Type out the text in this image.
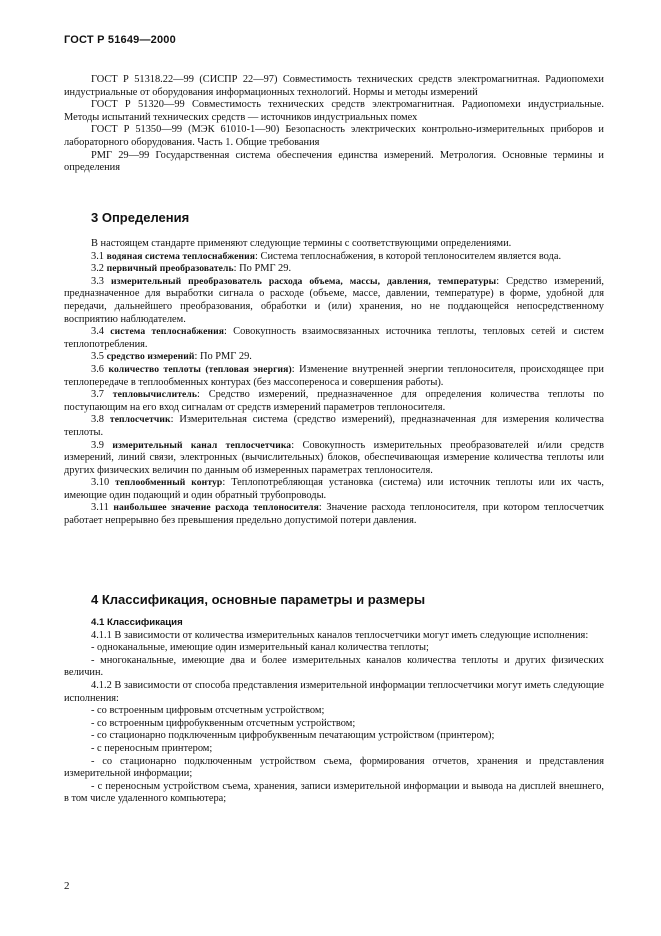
ГОСТ Р 51649—2000

ГОСТ Р 51318.22—99 (СИСПР 22—97) Совместимость технических средств электромагнитная. Радиопомехи индустриальные от оборудования информационных технологий. Нормы и методы измерений

ГОСТ Р 51320—99 Совместимость технических средств электромагнитная. Радиопомехи индустриальные. Методы испытаний технических средств — источников индустриальных помех

ГОСТ Р 51350—99 (МЭК 61010-1—90) Безопасность электрических контрольно-измерительных приборов и лабораторного оборудования. Часть 1. Общие требования

РМГ 29—99 Государственная система обеспечения единства измерений. Метрология. Основные термины и определения

3 Определения

В настоящем стандарте применяют следующие термины с соответствующими определениями.

3.1 водяная система теплоснабжения: Система теплоснабжения, в которой теплоносителем является вода.

3.2 первичный преобразователь: По РМГ 29.

3.3 измерительный преобразователь расхода объема, массы, давления, температуры: Средство измерений, предназначенное для выработки сигнала о расходе (объеме, массе, давлении, температуре) в форме, удобной для передачи, дальнейшего преобразования, обработки и (или) хранения, но не поддающейся непосредственному восприятию наблюдателем.

3.4 система теплоснабжения: Совокупность взаимосвязанных источника теплоты, тепловых сетей и систем теплопотребления.

3.5 средство измерений: По РМГ 29.

3.6 количество теплоты (тепловая энергия): Изменение внутренней энергии теплоносителя, происходящее при теплопередаче в теплообменных контурах (без массопереноса и совершения работы).

3.7 тепловычислитель: Средство измерений, предназначенное для определения количества теплоты по поступающим на его вход сигналам от средств измерений параметров теплоносителя.

3.8 теплосчетчик: Измерительная система (средство измерений), предназначенная для измерения количества теплоты.

3.9 измерительный канал теплосчетчика: Совокупность измерительных преобразователей и/или средств измерений, линий связи, электронных (вычислительных) блоков, обеспечивающая измерение количества теплоты или других физических величин по данным об измеренных параметрах теплоносителя.

3.10 теплообменный контур: Теплопотребляющая установка (система) или источник теплоты или их часть, имеющие один подающий и один обратный трубопроводы.

3.11 наибольшее значение расхода теплоносителя: Значение расхода теплоносителя, при котором теплосчетчик работает непрерывно без превышения предельно допустимой потери давления.

4 Классификация, основные параметры и размеры
4.1 Классификация

4.1.1 В зависимости от количества измерительных каналов теплосчетчики могут иметь следующие исполнения:

- одноканальные, имеющие один измерительный канал количества теплоты;

- многоканальные, имеющие два и более измерительных каналов количества теплоты и других физических величин.

4.1.2 В зависимости от способа представления измерительной информации теплосчетчики могут иметь следующие исполнения:

- со встроенным цифровым отсчетным устройством;

- со встроенным цифробуквенным отсчетным устройством;

- со стационарно подключенным цифробуквенным печатающим устройством (принтером);

- с переносным принтером;

- со стационарно подключенным устройством съема, формирования отчетов, хранения и представления измерительной информации;

- с переносным устройством съема, хранения, записи измерительной информации и вывода на дисплей внешнего, в том числе удаленного компьютера;

2
